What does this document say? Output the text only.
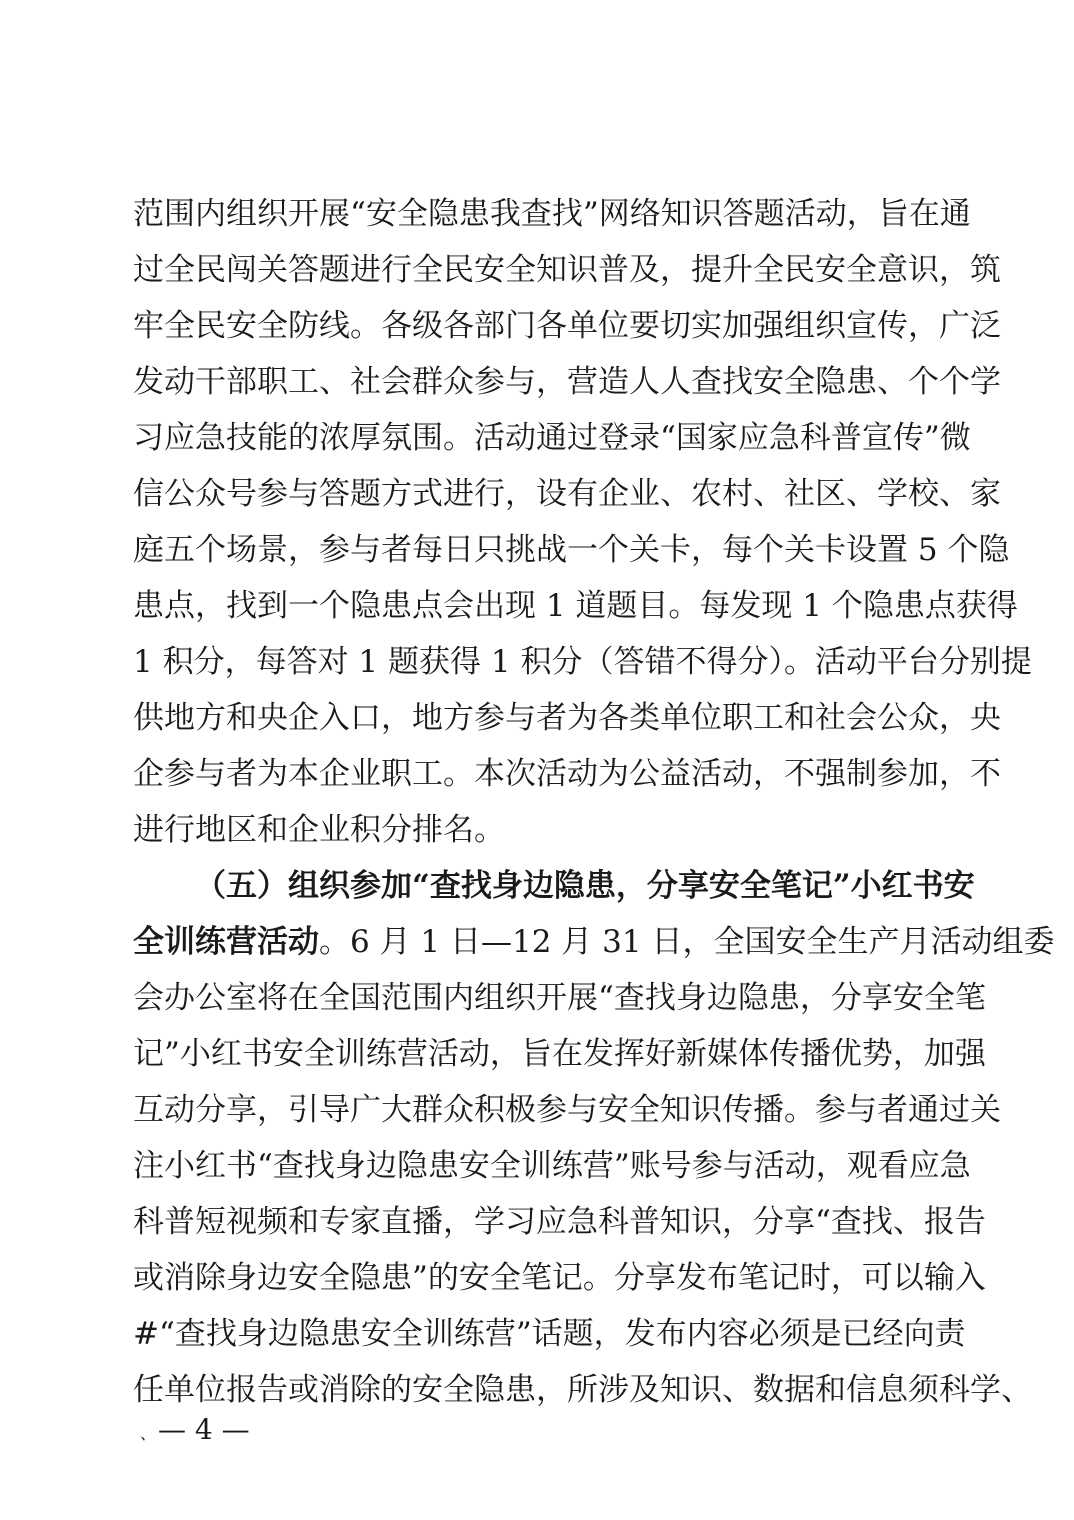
范围内组织开展“安全隐患我查找”网络知识答题活动，旨在通
过全民闯关答题进行全民安全知识普及，提升全民安全意识，筑
牢全民安全防线。各级各部门各单位要切实加强组织宣传，广泛
发动干部职工、社会群众参与，营造人人查找安全隐患、个个学
习应急技能的浓厚氛围。活动通过登录“国家应急科普宣传”微
信公众号参与答题方式进行，设有企业、农村、社区、学校、家
庭五个场景，参与者每日只挑战一个关卡，每个关卡设置 5 个隐
患点，找到一个隐患点会出现 1 道题目。每发现 1 个隐患点获得
1 积分，每答对 1 题获得 1 积分（答错不得分）。活动平台分别提
供地方和央企入口，地方参与者为各类单位职工和社会公众，央
企参与者为本企业职工。本次活动为公益活动，不强制参加，不
进行地区和企业积分排名。
（五）组织参加“查找身边隐患，分享安全笔记”小红书安
全训练营活动。6 月 1 日—12 月 31 日，全国安全生产月活动组委
会办公室将在全国范围内组织开展“查找身边隐患，分享安全笔
记”小红书安全训练营活动，旨在发挥好新媒体传播优势，加强
互动分享，引导广大群众积极参与安全知识传播。参与者通过关
注小红书“查找身边隐患安全训练营”账号参与活动，观看应急
科普短视频和专家直播，学习应急科普知识，分享“查找、报告
或消除身边安全隐患”的安全笔记。分享发布笔记时，可以输入
#“查找身边隐患安全训练营”话题，发布内容必须是已经向责
任单位报告或消除的安全隐患，所涉及知识、数据和信息须科学、
、— 4 —
